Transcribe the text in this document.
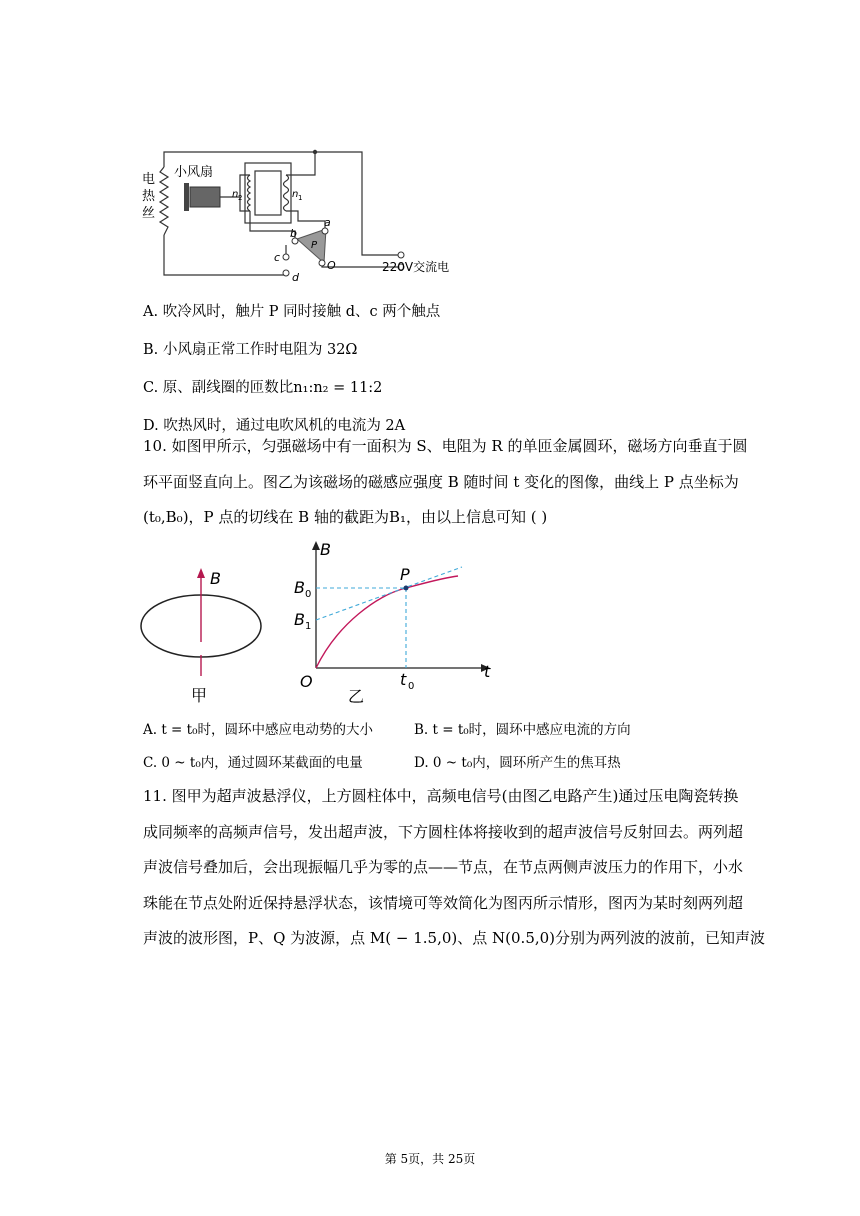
电
热
丝
小风扇
n 2	n 1
a
b
c
d
O
P
220V交流电
A. 吹冷风时，触片 P 同时接触 d、c 两个触点
B. 小风扇正常工作时电阻为 32Ω
C. 原、副线圈的匝数比n₁:n₂ = 11:2
D. 吹热风时，通过电吹风机的电流为 2A
10. 如图甲所示，匀强磁场中有一面积为 S、电阻为 R 的单匝金属圆环，磁场方向垂直于圆
环平面竖直向上。图乙为该磁场的磁感应强度 B 随时间 t 变化的图像，曲线上 P 点坐标为
(t₀,B₀)，P 点的切线在 B 轴的截距为B₁，由以上信息可知 ( )
B
甲
B
t
O
B 0
B 1
P
t 0
乙
A. t = t₀时，圆环中感应电动势的大小	B. t = t₀时，圆环中感应电流的方向
C. 0 ~ t₀内，通过圆环某截面的电量	D. 0 ~ t₀内，圆环所产生的焦耳热
11. 图甲为超声波悬浮仪，上方圆柱体中，高频电信号(由图乙电路产生)通过压电陶瓷转换
成同频率的高频声信号，发出超声波，下方圆柱体将接收到的超声波信号反射回去。两列超
声波信号叠加后，会出现振幅几乎为零的点——节点，在节点两侧声波压力的作用下，小水
珠能在节点处附近保持悬浮状态，该情境可等效简化为图丙所示情形，图丙为某时刻两列超
声波的波形图，P、Q 为波源，点 M( − 1.5,0)、点 N(0.5,0)分别为两列波的波前，已知声波
第 5页，共 25页
